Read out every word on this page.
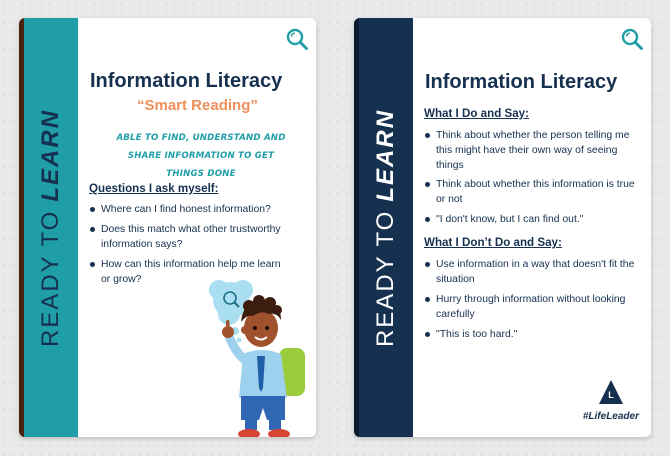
READY TOLEARN
Information Literacy
“Smart Reading”
ABLE TO FIND, UNDERSTAND AND SHARE INFORMATION TO GET THINGS DONE
Questions I ask myself:
Where can I find honest information?
Does this match what other trustworthy information says?
How can this information help me learn or grow?	READY TOLEARN
Information Literacy
What I Do and Say:
Think about whether the person telling me this might have their own way of seeing things
Think about whether this information is true or not
"I don't know, but I can find out."
What I Don’t Do and Say:
Use information in a way that doesn't fit the situation
Hurry through information without looking carefully
"This is too hard."
L
#LifeLeader
